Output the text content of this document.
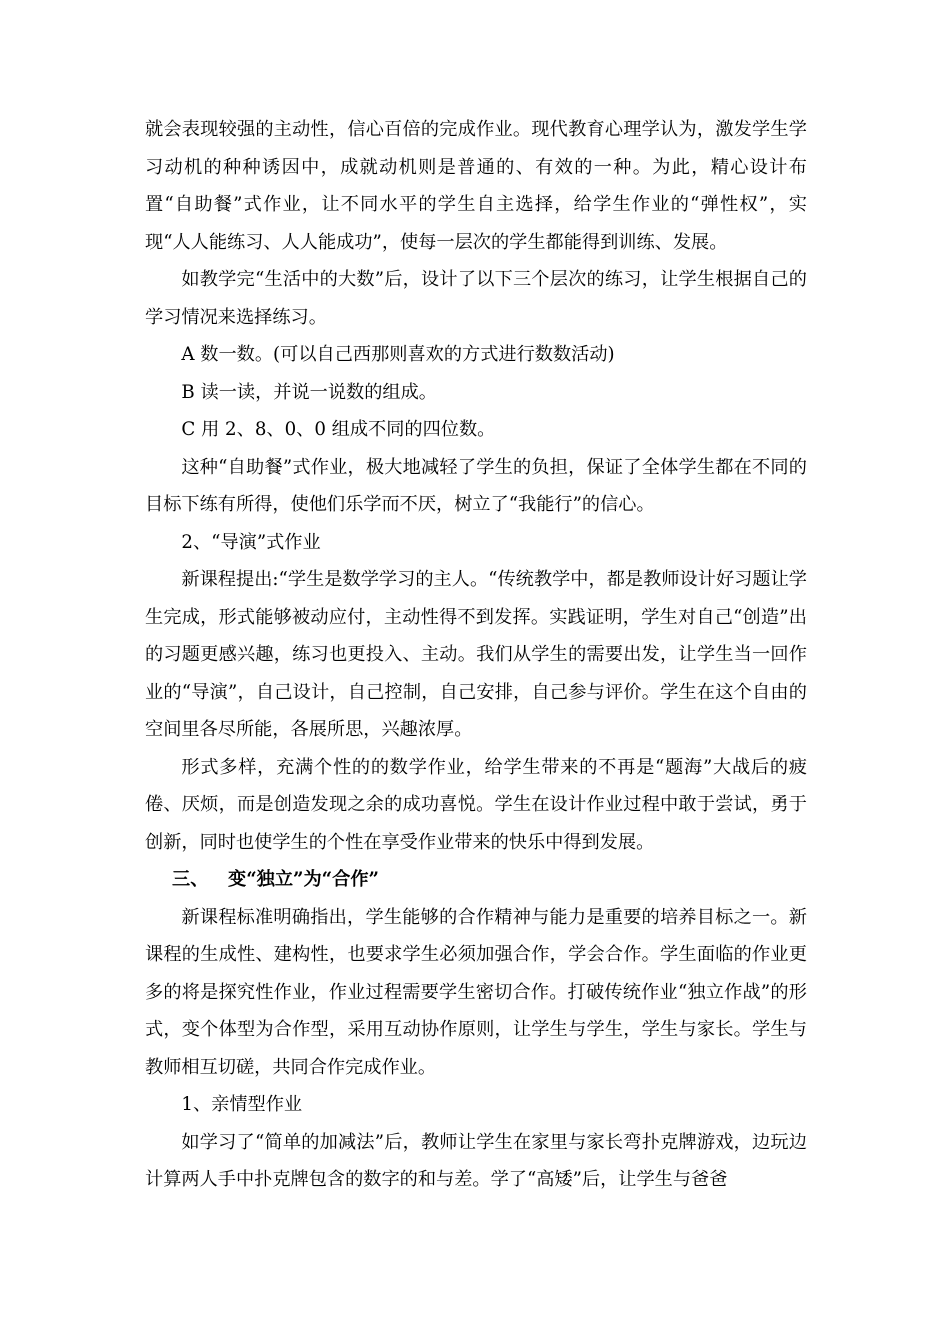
就会表现较强的主动性，信心百倍的完成作业。现代教育心理学认为，激发学生学习动机的种种诱因中，成就动机则是普通的、有效的一种。为此，精心设计布置“自助餐”式作业，让不同水平的学生自主选择，给学生作业的“弹性权”，实现“人人能练习、人人能成功”，使每一层次的学生都能得到训练、发展。

如教学完“生活中的大数”后，设计了以下三个层次的练习，让学生根据自己的学习情况来选择练习。

A 数一数。(可以自己西那则喜欢的方式进行数数活动)

B 读一读，并说一说数的组成。

C 用 2、8、0、0 组成不同的四位数。

这种“自助餐”式作业，极大地减轻了学生的负担，保证了全体学生都在不同的目标下练有所得，使他们乐学而不厌，树立了“我能行”的信心。

2、“导演”式作业

新课程提出:“学生是数学学习的主人。“传统教学中，都是教师设计好习题让学生完成，形式能够被动应付，主动性得不到发挥。实践证明，学生对自己“创造”出的习题更感兴趣，练习也更投入、主动。我们从学生的需要出发，让学生当一回作业的“导演”，自己设计，自己控制，自己安排，自己参与评价。学生在这个自由的空间里各尽所能，各展所思，兴趣浓厚。

形式多样，充满个性的的数学作业，给学生带来的不再是“题海”大战后的疲倦、厌烦，而是创造发现之余的成功喜悦。学生在设计作业过程中敢于尝试，勇于创新，同时也使学生的个性在享受作业带来的快乐中得到发展。

三、 变“独立”为“合作”

新课程标准明确指出，学生能够的合作精神与能力是重要的培养目标之一。新课程的生成性、建构性，也要求学生必须加强合作，学会合作。学生面临的作业更多的将是探究性作业，作业过程需要学生密切合作。打破传统作业“独立作战”的形式，变个体型为合作型，采用互动协作原则，让学生与学生，学生与家长。学生与教师相互切磋，共同合作完成作业。

1、亲情型作业

如学习了“简单的加减法”后，教师让学生在家里与家长弯扑克牌游戏，边玩边计算两人手中扑克牌包含的数字的和与差。学了“高矮”后，让学生与爸爸
